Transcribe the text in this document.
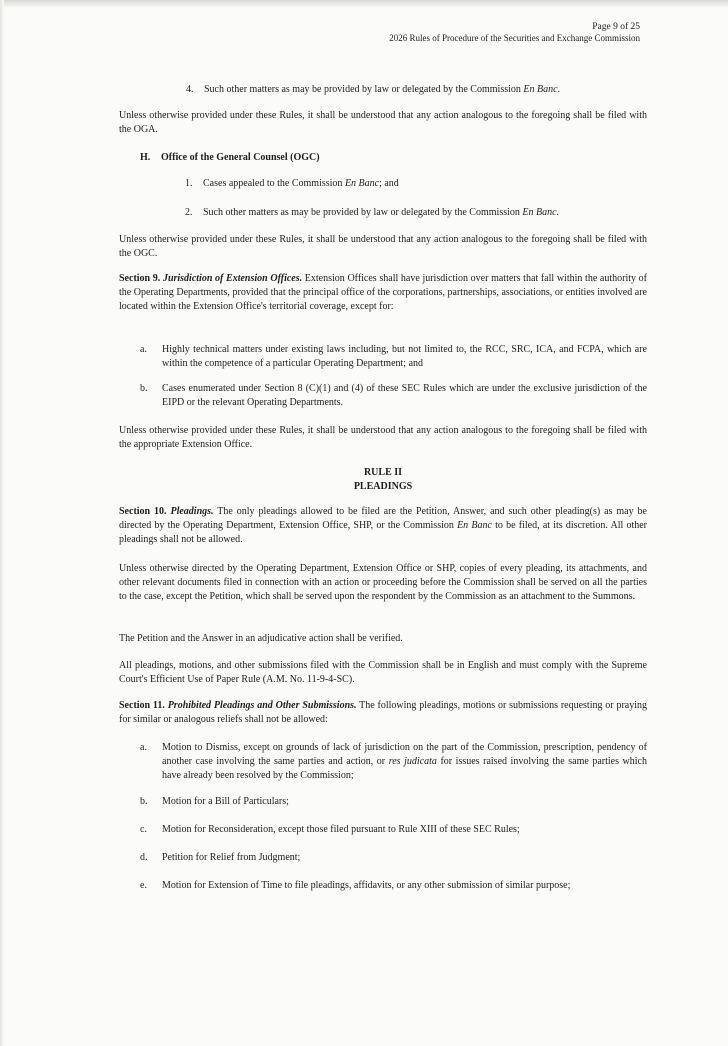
Page 9 of 25
2026 Rules of Procedure of the Securities and Exchange Commission
4. Such other matters as may be provided by law or delegated by the Commission En Banc.

Unless otherwise provided under these Rules, it shall be understood that any action analogous to the foregoing shall be filed with the OGA.

H. Office of the General Counsel (OGC)
1. Cases appealed to the Commission En Banc; and
2. Such other matters as may be provided by law or delegated by the Commission En Banc.

Unless otherwise provided under these Rules, it shall be understood that any action analogous to the foregoing shall be filed with the OGC.

Section 9. Jurisdiction of Extension Offices. Extension Offices shall have jurisdiction over matters that fall within the authority of the Operating Departments, provided that the principal office of the corporations, partnerships, associations, or entities involved are located within the Extension Office's territorial coverage, except for:

a. Highly technical matters under existing laws including, but not limited to, the RCC, SRC, ICA, and FCPA, which are within the competence of a particular Operating Department; and
b. Cases enumerated under Section 8 (C)(1) and (4) of these SEC Rules which are under the exclusive jurisdiction of the EIPD or the relevant Operating Departments.

Unless otherwise provided under these Rules, it shall be understood that any action analogous to the foregoing shall be filed with the appropriate Extension Office.

RULE II
PLEADINGS

Section 10. Pleadings. The only pleadings allowed to be filed are the Petition, Answer, and such other pleading(s) as may be directed by the Operating Department, Extension Office, SHP, or the Commission En Banc to be filed, at its discretion. All other pleadings shall not be allowed.

Unless otherwise directed by the Operating Department, Extension Office or SHP, copies of every pleading, its attachments, and other relevant documents filed in connection with an action or proceeding before the Commission shall be served on all the parties to the case, except the Petition, which shall be served upon the respondent by the Commission as an attachment to the Summons.

The Petition and the Answer in an adjudicative action shall be verified.

All pleadings, motions, and other submissions filed with the Commission shall be in English and must comply with the Supreme Court's Efficient Use of Paper Rule (A.M. No. 11-9-4-SC).

Section 11. Prohibited Pleadings and Other Submissions. The following pleadings, motions or submissions requesting or praying for similar or analogous reliefs shall not be allowed:

a. Motion to Dismiss, except on grounds of lack of jurisdiction on the part of the Commission, prescription, pendency of another case involving the same parties and action, or res judicata for issues raised involving the same parties which have already been resolved by the Commission;
b. Motion for a Bill of Particulars;
c. Motion for Reconsideration, except those filed pursuant to Rule XIII of these SEC Rules;
d. Petition for Relief from Judgment;
e. Motion for Extension of Time to file pleadings, affidavits, or any other submission of similar purpose;
